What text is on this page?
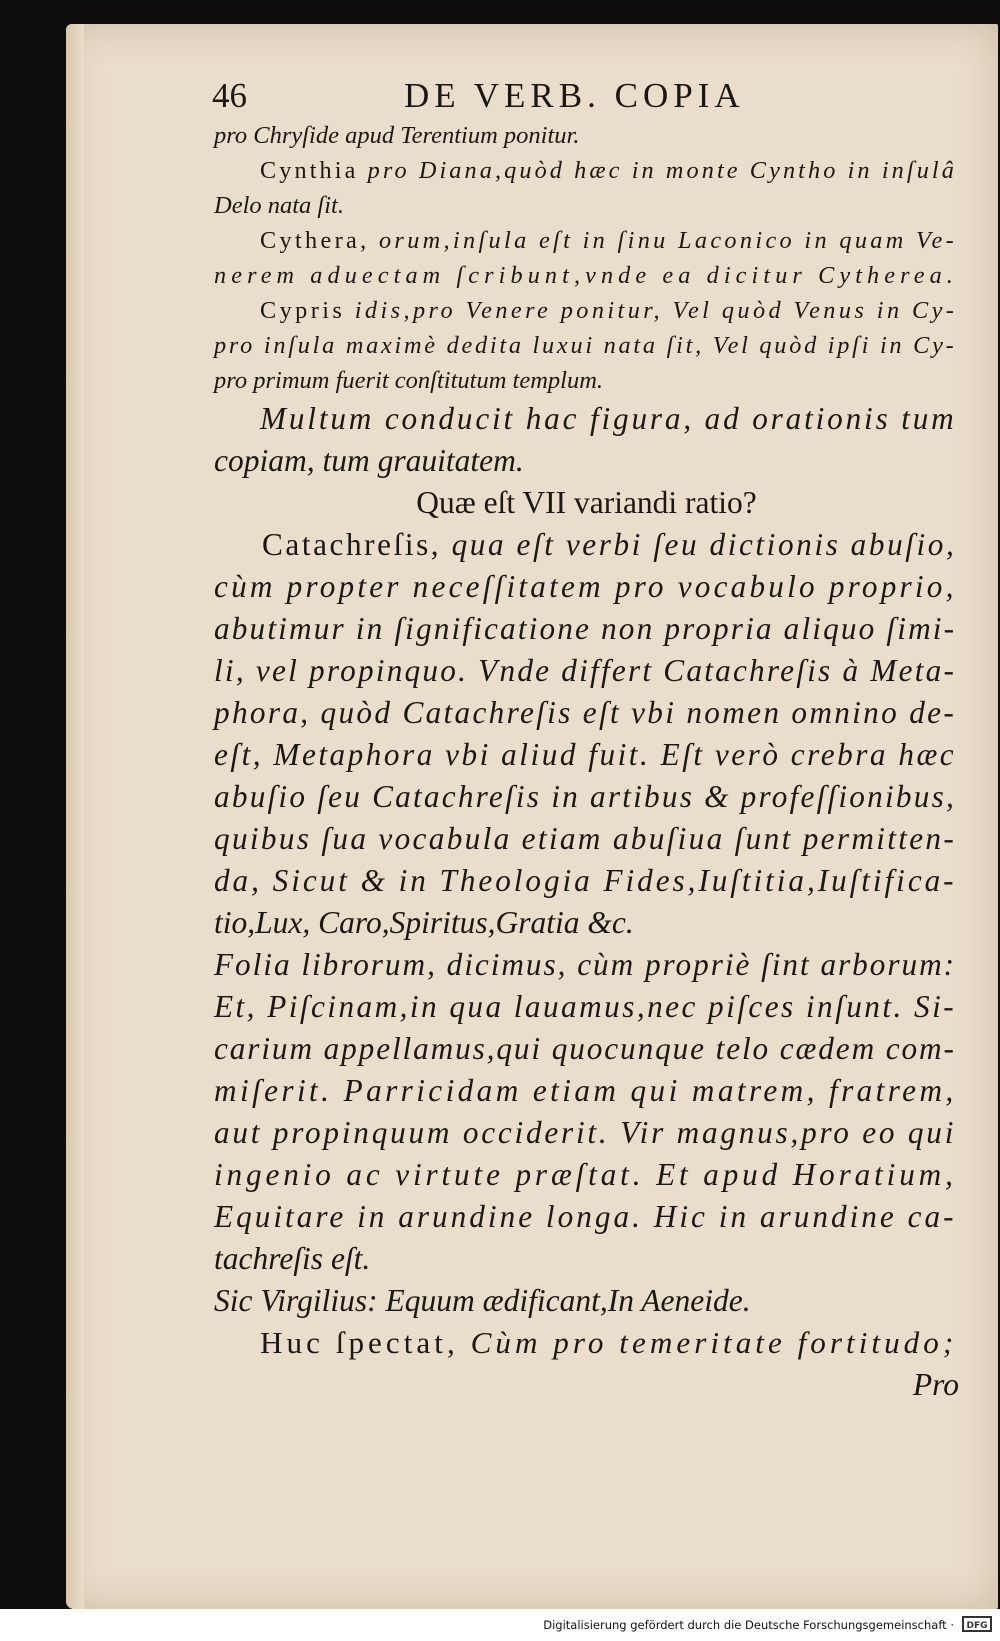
46	DE VERB. COPIA
pro Chryſide apud Terentium ponitur.
Cynthia pro Diana,quòd hæc in monte Cyntho in inſulâ
Delo nata ſit.
Cythera, orum,inſula eſt in ſinu Laconico in quam Ve-
nerem aduectam ſcribunt,vnde ea dicitur Cytherea.
Cypris idis,pro Venere ponitur, Vel quòd Venus in Cy-
pro inſula maximè dedita luxui nata ſit, Vel quòd ipſi in Cy-
pro primum fuerit conſtitutum templum.
Multum conducit hac figura, ad orationis tum
copiam, tum grauitatem.
Quæ eſt VII variandi ratio?
Catachreſis, qua eſt verbi ſeu dictionis abuſio,
cùm propter neceſſitatem pro vocabulo proprio,
abutimur in ſignificatione non propria aliquo ſimi-
li, vel propinquo. Vnde differt Catachreſis à Meta-
phora, quòd Catachreſis eſt vbi nomen omnino de-
eſt, Metaphora vbi aliud fuit. Eſt verò crebra hæc
abuſio ſeu Catachreſis in artibus & profeſſionibus,
quibus ſua vocabula etiam abuſiua ſunt permitten-
da, Sicut & in Theologia Fides,Iuſtitia,Iuſtifica-
tio,Lux, Caro,Spiritus,Gratia &c.
Folia librorum, dicimus, cùm propriè ſint arborum:
Et, Piſcinam,in qua lauamus,nec piſces inſunt. Si-
carium appellamus,qui quocunque telo cædem com-
miſerit. Parricidam etiam qui matrem, fratrem,
aut propinquum occiderit. Vir magnus,pro eo qui
ingenio ac virtute præſtat. Et apud Horatium,
Equitare in arundine longa. Hic in arundine ca-
tachreſis eſt.
Sic Virgilius: Equum ædificant,In Aeneide.
Huc ſpectat, Cùm pro temeritate fortitudo;
Pro
Digitalisierung gefördert durch die Deutsche Forschungsgemeinschaft ·	DFG
